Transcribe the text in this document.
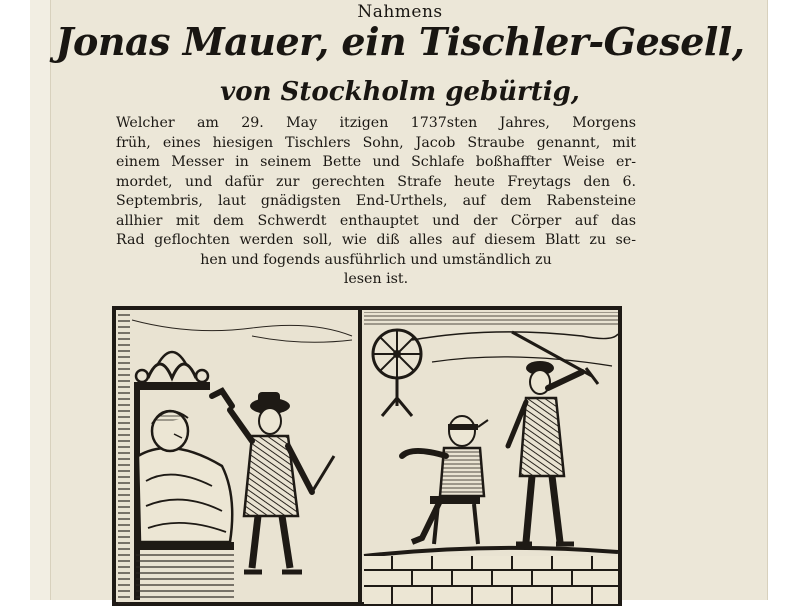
Nahmens

Jonas Mauer, ein Tischler-Gesell,

von Stockholm gebürtig,

Welcher am 29. May itzigen 1737sten Jahres, Morgens
früh, eines hiesigen Tischlers Sohn, Jacob Straube genannt, mit
einem Messer in seinem Bette und Schlafe boßhaffter Weise er-
mordet, und dafür zur gerechten Strafe heute Freytags den 6.
Septembris, laut gnädigsten End-Urthels, auf dem Rabensteine
allhier mit dem Schwerdt enthauptet und der Cörper auf das
Rad geflochten werden soll, wie diß alles auf diesem Blatt zu se-
hen und fogends ausführlich und umständlich zu
lesen ist.
